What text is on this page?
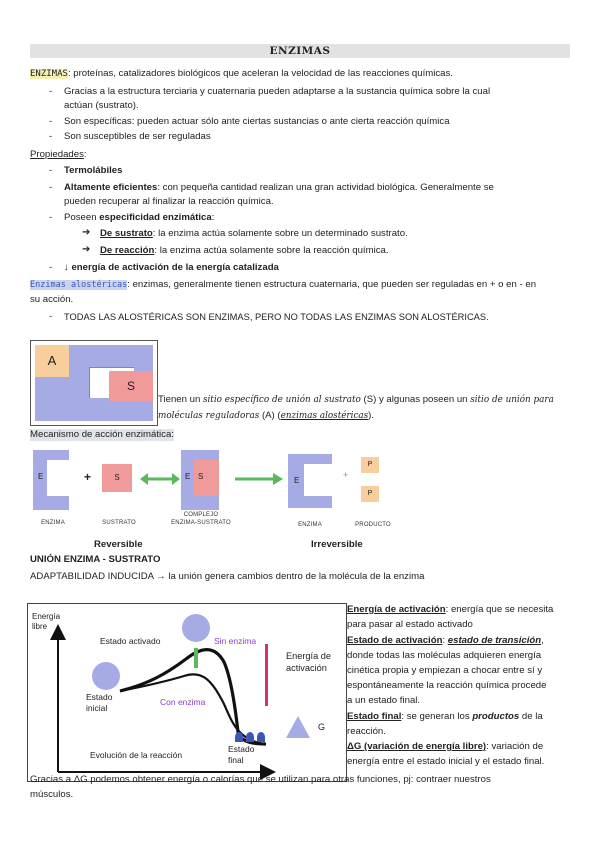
ENZIMAS
ENZIMAS: proteínas, catalizadores biológicos que aceleran la velocidad de las reacciones químicas.
- Gracias a la estructura terciaria y cuaternaria pueden adaptarse a la sustancia química sobre la cual
actúan (sustrato).
- Son específicas: pueden actuar sólo ante ciertas sustancias o ante cierta reacción química
- Son susceptibles de ser reguladas
Propiedades:
- Termolábiles
- Altamente eficientes: con pequeña cantidad realizan una gran actividad biológica. Generalmente se
pueden recuperar al finalizar la reacción química.
- Poseen especificidad enzimática:
➔ De sustrato: la enzima actúa solamente sobre un determinado sustrato.
➔ De reacción: la enzima actúa solamente sobre la reacción química.
- ↓ energía de activación de la energía catalizada
Enzimas alostéricas: enzimas, generalmente tienen estructura cuaternaria, que pueden ser reguladas en + o en - en
su acción.
- TODAS LAS ALOSTÉRICAS SON ENZIMAS, PERO NO TODAS LAS ENZIMAS SON ALOSTÉRICAS.
A
S
Tienen un sitio específico de unión al sustrato (S) y algunas poseen un sitio de unión para
moléculas reguladoras (A) (enzimas alostéricas).
Mecanismo de acción enzimática:
E	+	S	E S	E
+
P
P
ENZIMA	SUSTRATO
COMPLEJO
ENZIMA-SUSTRATO	ENZIMA	PRODUCTO
Reversible	Irreversible
UNIÓN ENZIMA - SUSTRATO
ADAPTABILIDAD INDUCIDA → la unión genera cambios dentro de la molécula de la enzima
Energía
libre
Estado activado	Sin enzima
Energía de
activación
Estado
inicial
Con enzima
G
Estado
final
Evolución de la reacción
Energía de activación: energía que se necesita
para pasar al estado activado
Estado de activación: estado de transición,
donde todas las moléculas adquieren energía
cinética propia y empiezan a chocar entre sí y
espontáneamente la reacción química procede
a un estado final.
Estado final: se generan los productos de la
reacción.
ΔG (variación de energía libre): variación de
energía entre el estado inicial y el estado final.
Gracias a ΔG podemos obtener energía o calorías que se utilizan para otras funciones, pj: contraer nuestros
músculos.
